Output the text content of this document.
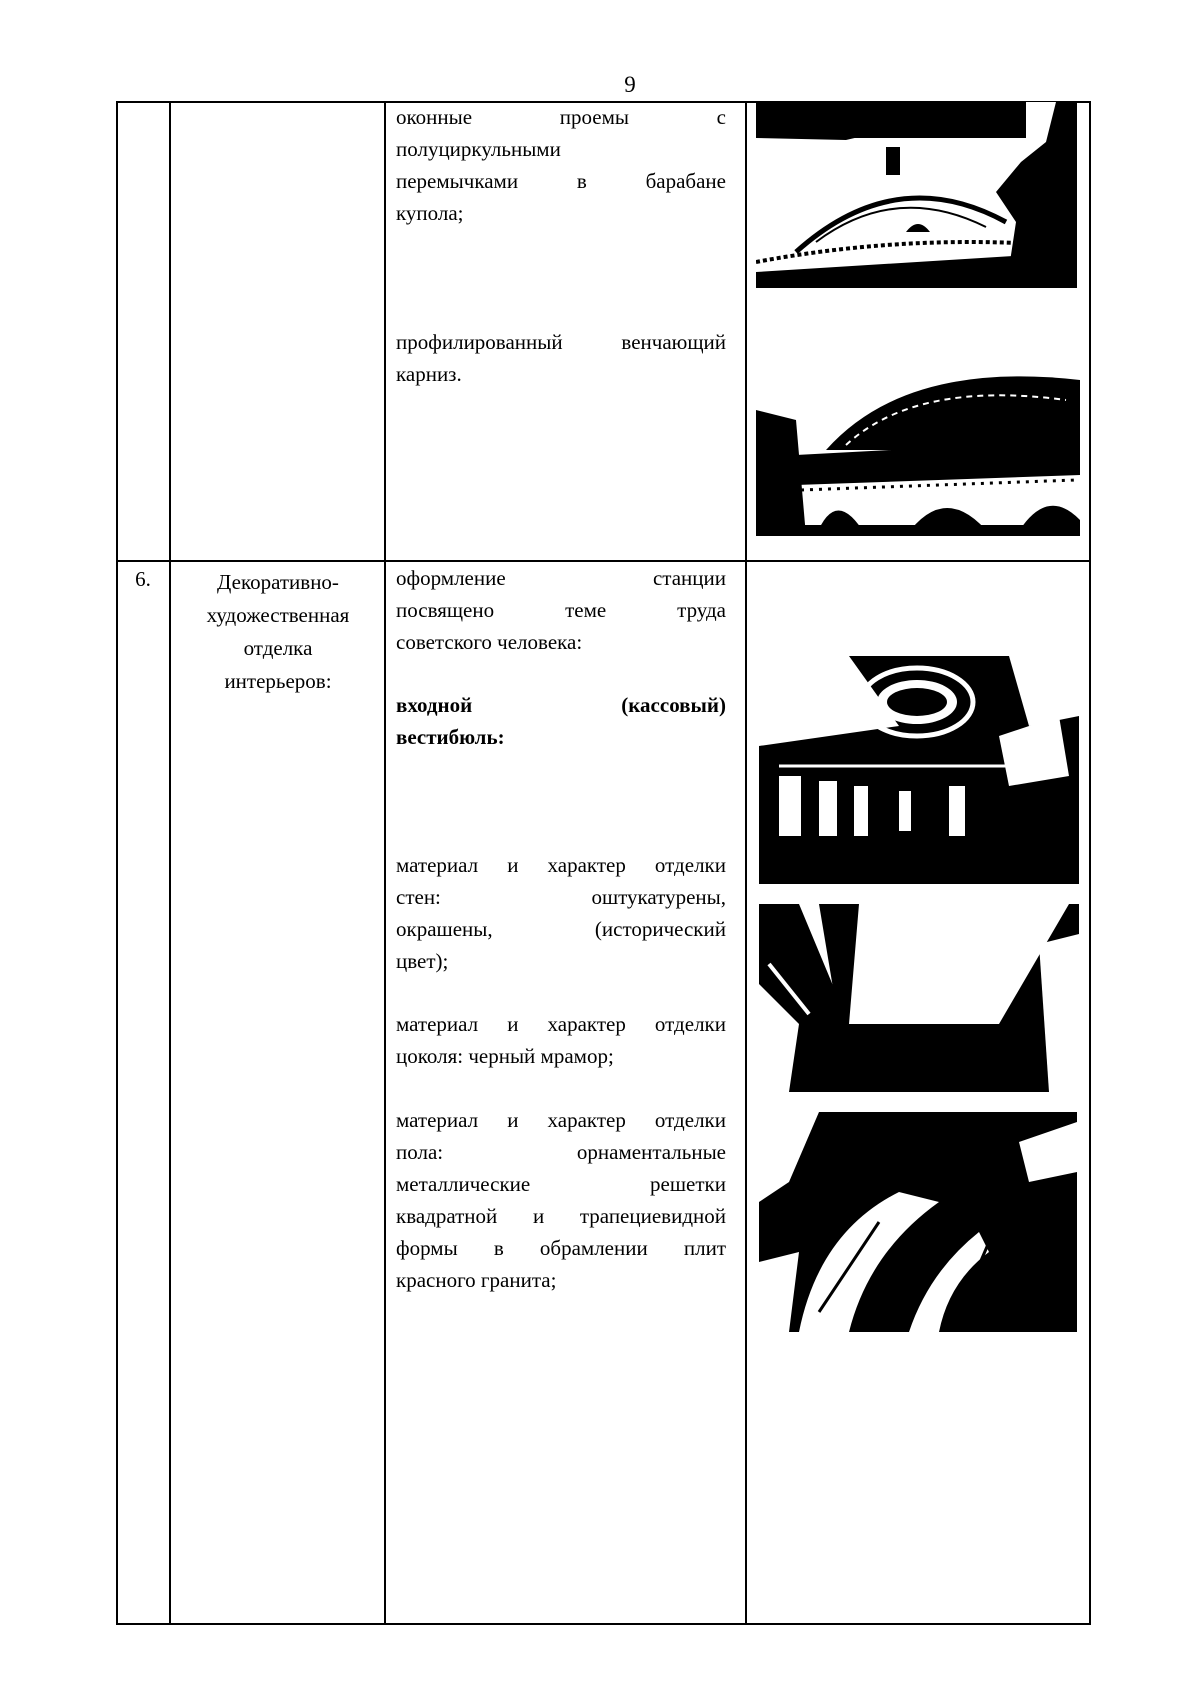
9
оконные проемы с
полуциркульными
перемычками в барабане
купола;
профилированный венчающий
карниз.
6.	Декоративно-
художественная
отделка
интерьеров:
оформление станции
посвящено теме труда
советского человека:
входной (кассовый)
вестибюль:
материал и характер отделки
стен: оштукатурены,
окрашены, (исторический
цвет);
материал и характер отделки
цоколя: черный мрамор;
материал и характер отделки
пола: орнаментальные
металлические решетки
квадратной и трапециевидной
формы в обрамлении плит
красного гранита;
